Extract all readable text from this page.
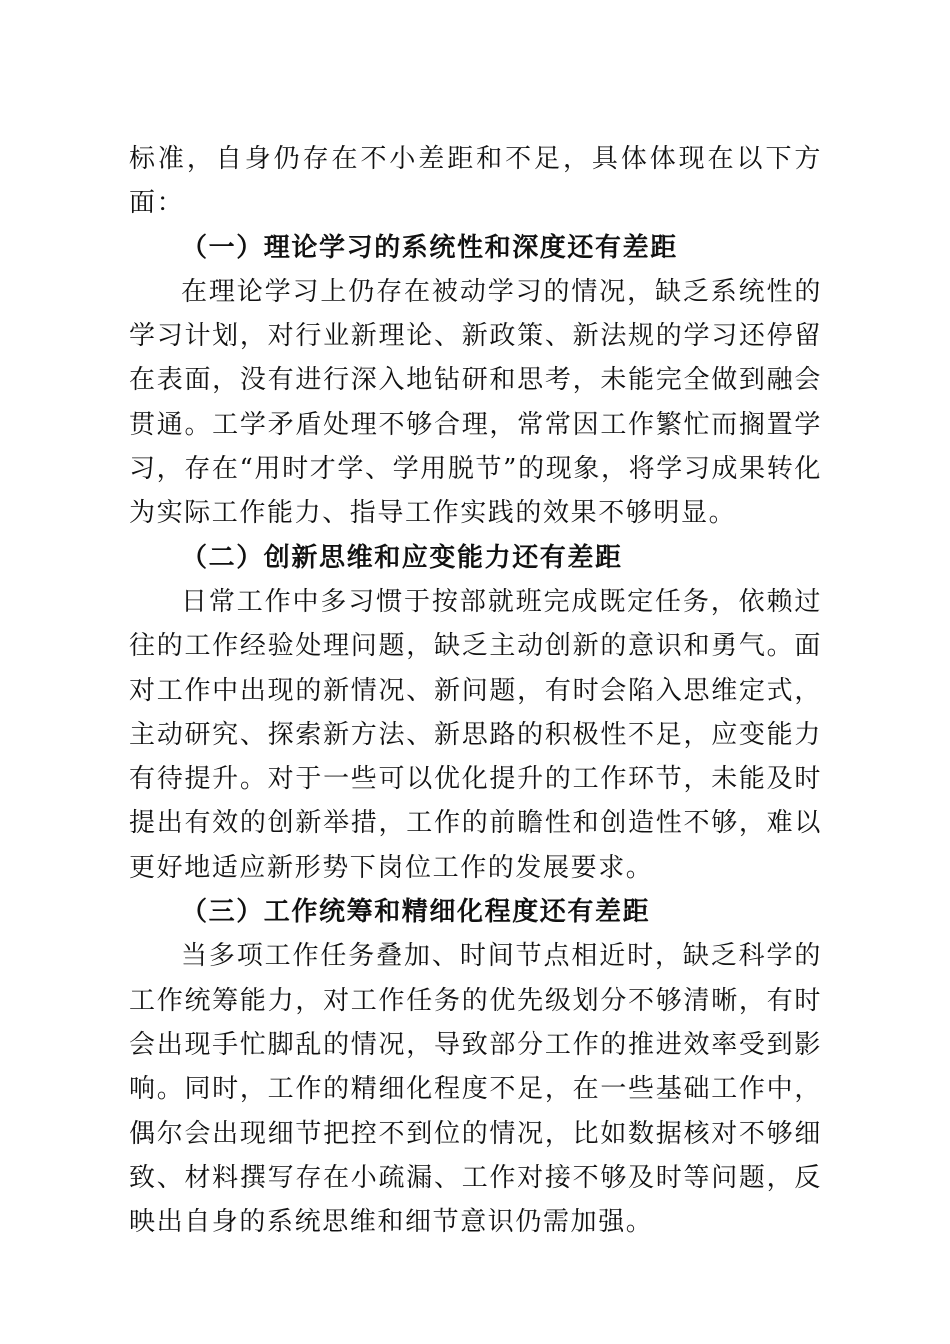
标准，自身仍存在不小差距和不足，具体体现在以下方面：

（一）理论学习的系统性和深度还有差距

在理论学习上仍存在被动学习的情况，缺乏系统性的学习计划，对行业新理论、新政策、新法规的学习还停留在表面，没有进行深入地钻研和思考，未能完全做到融会贯通。工学矛盾处理不够合理，常常因工作繁忙而搁置学习，存在“用时才学、学用脱节”的现象，将学习成果转化为实际工作能力、指导工作实践的效果不够明显。

（二）创新思维和应变能力还有差距

日常工作中多习惯于按部就班完成既定任务，依赖过往的工作经验处理问题，缺乏主动创新的意识和勇气。面对工作中出现的新情况、新问题，有时会陷入思维定式，主动研究、探索新方法、新思路的积极性不足，应变能力有待提升。对于一些可以优化提升的工作环节，未能及时提出有效的创新举措，工作的前瞻性和创造性不够，难以更好地适应新形势下岗位工作的发展要求。

（三）工作统筹和精细化程度还有差距

当多项工作任务叠加、时间节点相近时，缺乏科学的工作统筹能力，对工作任务的优先级划分不够清晰，有时会出现手忙脚乱的情况，导致部分工作的推进效率受到影响。同时，工作的精细化程度不足，在一些基础工作中，偶尔会出现细节把控不到位的情况，比如数据核对不够细致、材料撰写存在小疏漏、工作对接不够及时等问题，反映出自身的系统思维和细节意识仍需加强。
